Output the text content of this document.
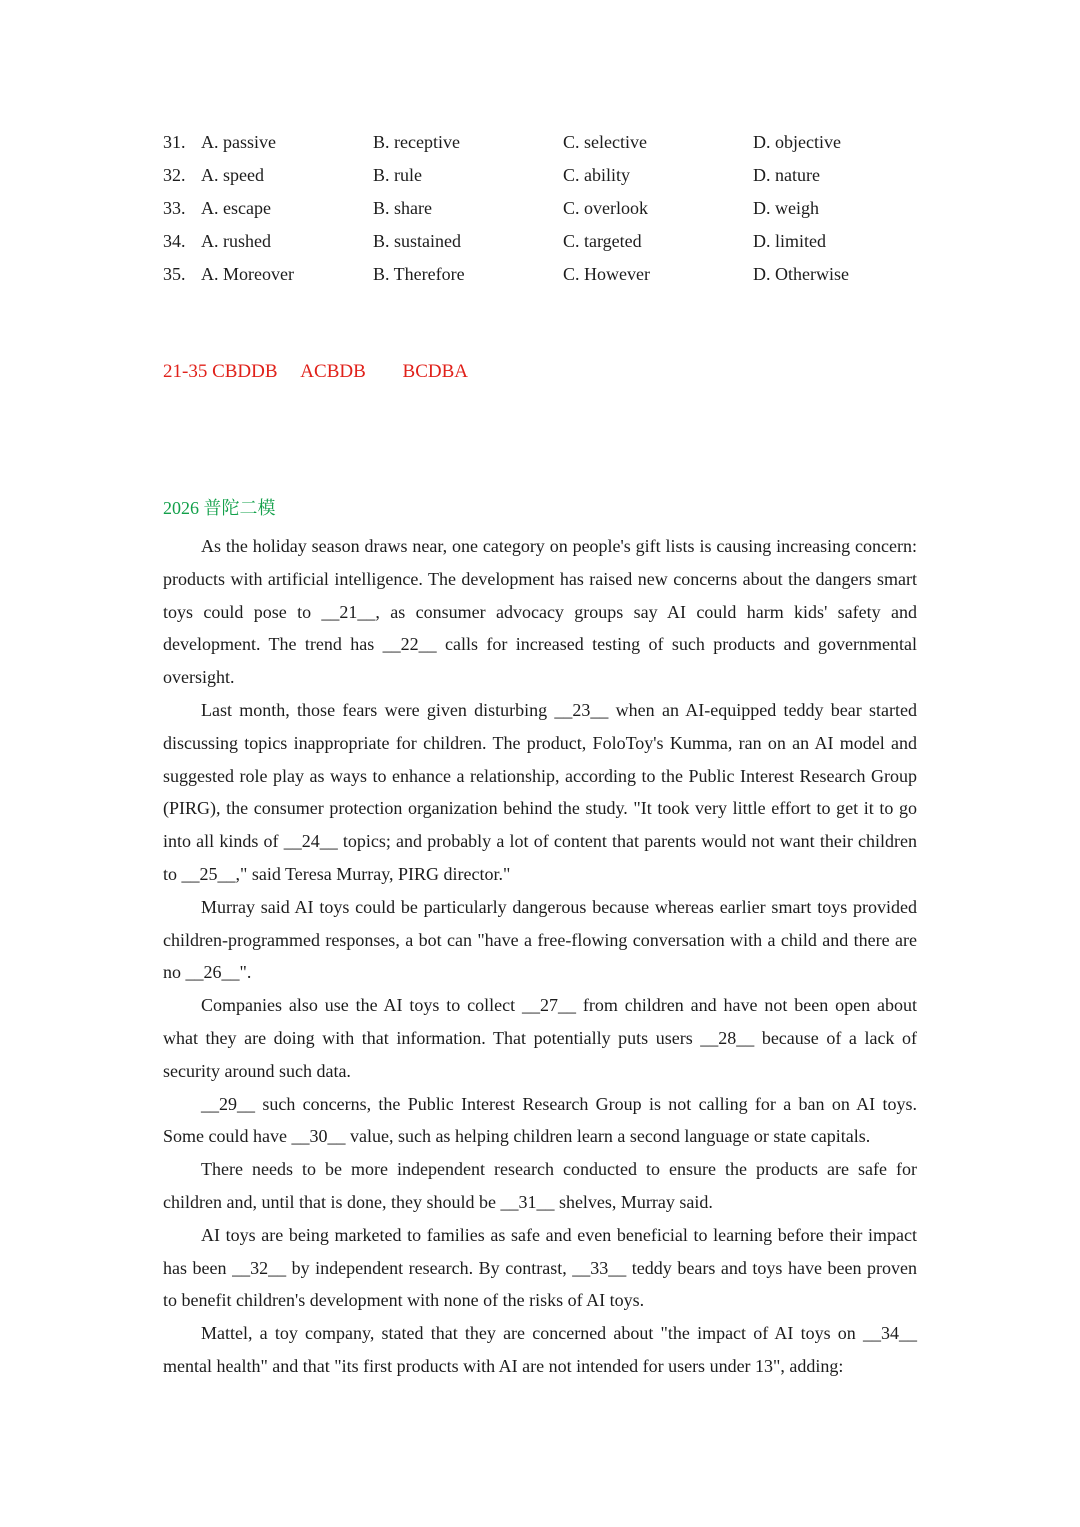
31. A. passive	B. receptive	C. selective	D. objective
32. A. speed	B. rule	C. ability	D. nature
33. A. escape	B. share	C. overlook	D. weigh
34. A. rushed	B. sustained	C. targeted	D. limited
35. A. Moreover	B. Therefore	C. However	D. Otherwise
21-35 CBDDB ACBDB BCDBA
2026 普陀二模

As the holiday season draws near, one category on people's gift lists is causing increasing concern: products with artificial intelligence. The development has raised new concerns about the dangers smart toys could pose to __21__, as consumer advocacy groups say AI could harm kids' safety and development. The trend has __22__ calls for increased testing of such products and governmental oversight.

Last month, those fears were given disturbing __23__ when an AI-equipped teddy bear started discussing topics inappropriate for children. The product, FoloToy's Kumma, ran on an AI model and suggested role play as ways to enhance a relationship, according to the Public Interest Research Group (PIRG), the consumer protection organization behind the study. "It took very little effort to get it to go into all kinds of __24__ topics; and probably a lot of content that parents would not want their children to __25__," said Teresa Murray, PIRG director."

Murray said AI toys could be particularly dangerous because whereas earlier smart toys provided children-programmed responses, a bot can "have a free-flowing conversation with a child and there are no __26__".

Companies also use the AI toys to collect __27__ from children and have not been open about what they are doing with that information. That potentially puts users __28__ because of a lack of security around such data.

__29__ such concerns, the Public Interest Research Group is not calling for a ban on AI toys. Some could have __30__ value, such as helping children learn a second language or state capitals.

There needs to be more independent research conducted to ensure the products are safe for children and, until that is done, they should be __31__ shelves, Murray said.

AI toys are being marketed to families as safe and even beneficial to learning before their impact has been __32__ by independent research. By contrast, __33__ teddy bears and toys have been proven to benefit children's development with none of the risks of AI toys.

Mattel, a toy company, stated that they are concerned about "the impact of AI toys on __34__ mental health" and that "its first products with AI are not intended for users under 13", adding:
